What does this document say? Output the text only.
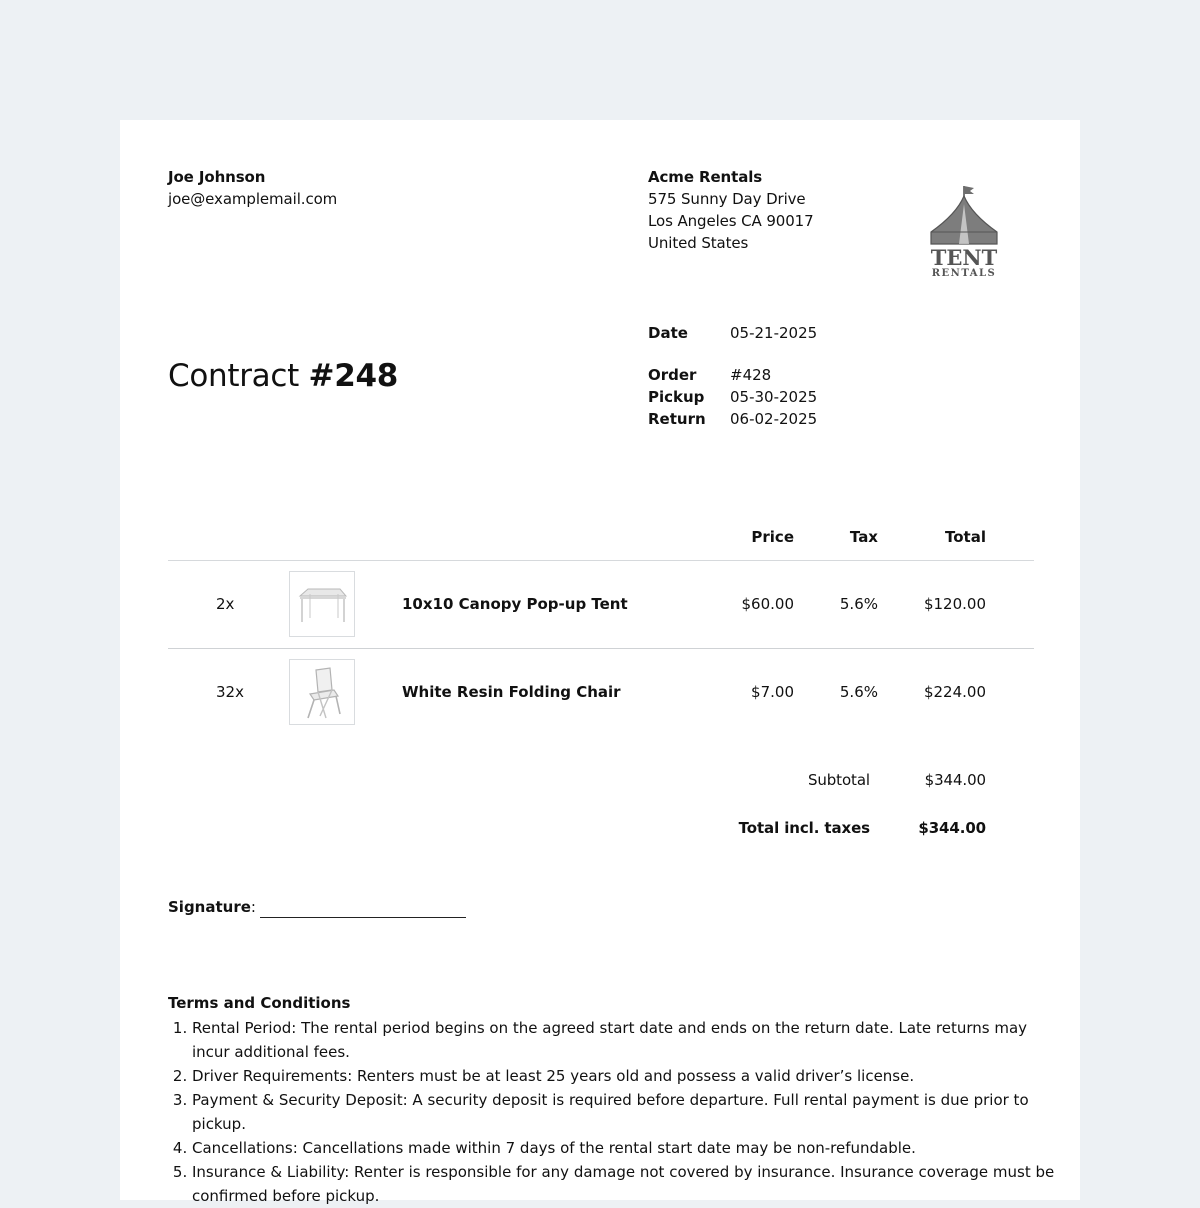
Joe Johnson
joe@examplemail.com
Acme Rentals
575 Sunny Day Drive
Los Angeles CA 90017
United States
TENT
RENTALS
Contract #248
Date	05-21-2025
Order	#428
Pickup	05-30-2025
Return	06-02-2025
Price	Tax	Total
2x	10x10 Canopy Pop-up Tent	$60.00	5.6%	$120.00
32x	White Resin Folding Chair	$7.00	5.6%	$224.00
Subtotal	$344.00
Total incl. taxes	$344.00
Signature:
Terms and Conditions
1. Rental Period: The rental period begins on the agreed start date and ends on the return date. Late returns may incur additional fees.
2. Driver Requirements: Renters must be at least 25 years old and possess a valid driver’s license.
3. Payment & Security Deposit: A security deposit is required before departure. Full rental payment is due prior to pickup.
4. Cancellations: Cancellations made within 7 days of the rental start date may be non-refundable.
5. Insurance & Liability: Renter is responsible for any damage not covered by insurance. Insurance coverage must be confirmed before pickup.
